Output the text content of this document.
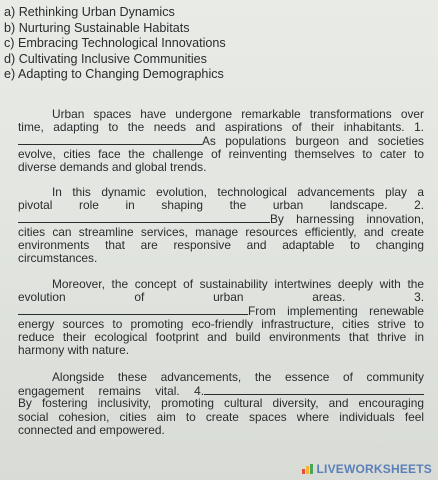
a) Rethinking Urban Dynamics
b) Nurturing Sustainable Habitats
c) Embracing Technological Innovations
d) Cultivating Inclusive Communities
e) Adapting to Changing Demographics
Urban spaces have undergone remarkable transformations over
time, adapting to the needs and aspirations of their inhabitants. 1.
As populations burgeon and societies
evolve, cities face the challenge of reinventing themselves to cater to
diverse demands and global trends.
In this dynamic evolution, technological advancements play a
pivotal role in shaping the urban landscape. 2.
By harnessing innovation,
cities can streamline services, manage resources efficiently, and create
environments that are responsive and adaptable to changing
circumstances.
Moreover, the concept of sustainability intertwines deeply with the
evolution of urban areas. 3.
From implementing renewable
energy sources to promoting eco-friendly infrastructure, cities strive to
reduce their ecological footprint and build environments that thrive in
harmony with nature.
Alongside these advancements, the essence of community
engagement remains vital. 4.
By fostering inclusivity, promoting cultural diversity, and encouraging
social cohesion, cities aim to create spaces where individuals feel
connected and empowered.
LIVEWORKSHEETS
